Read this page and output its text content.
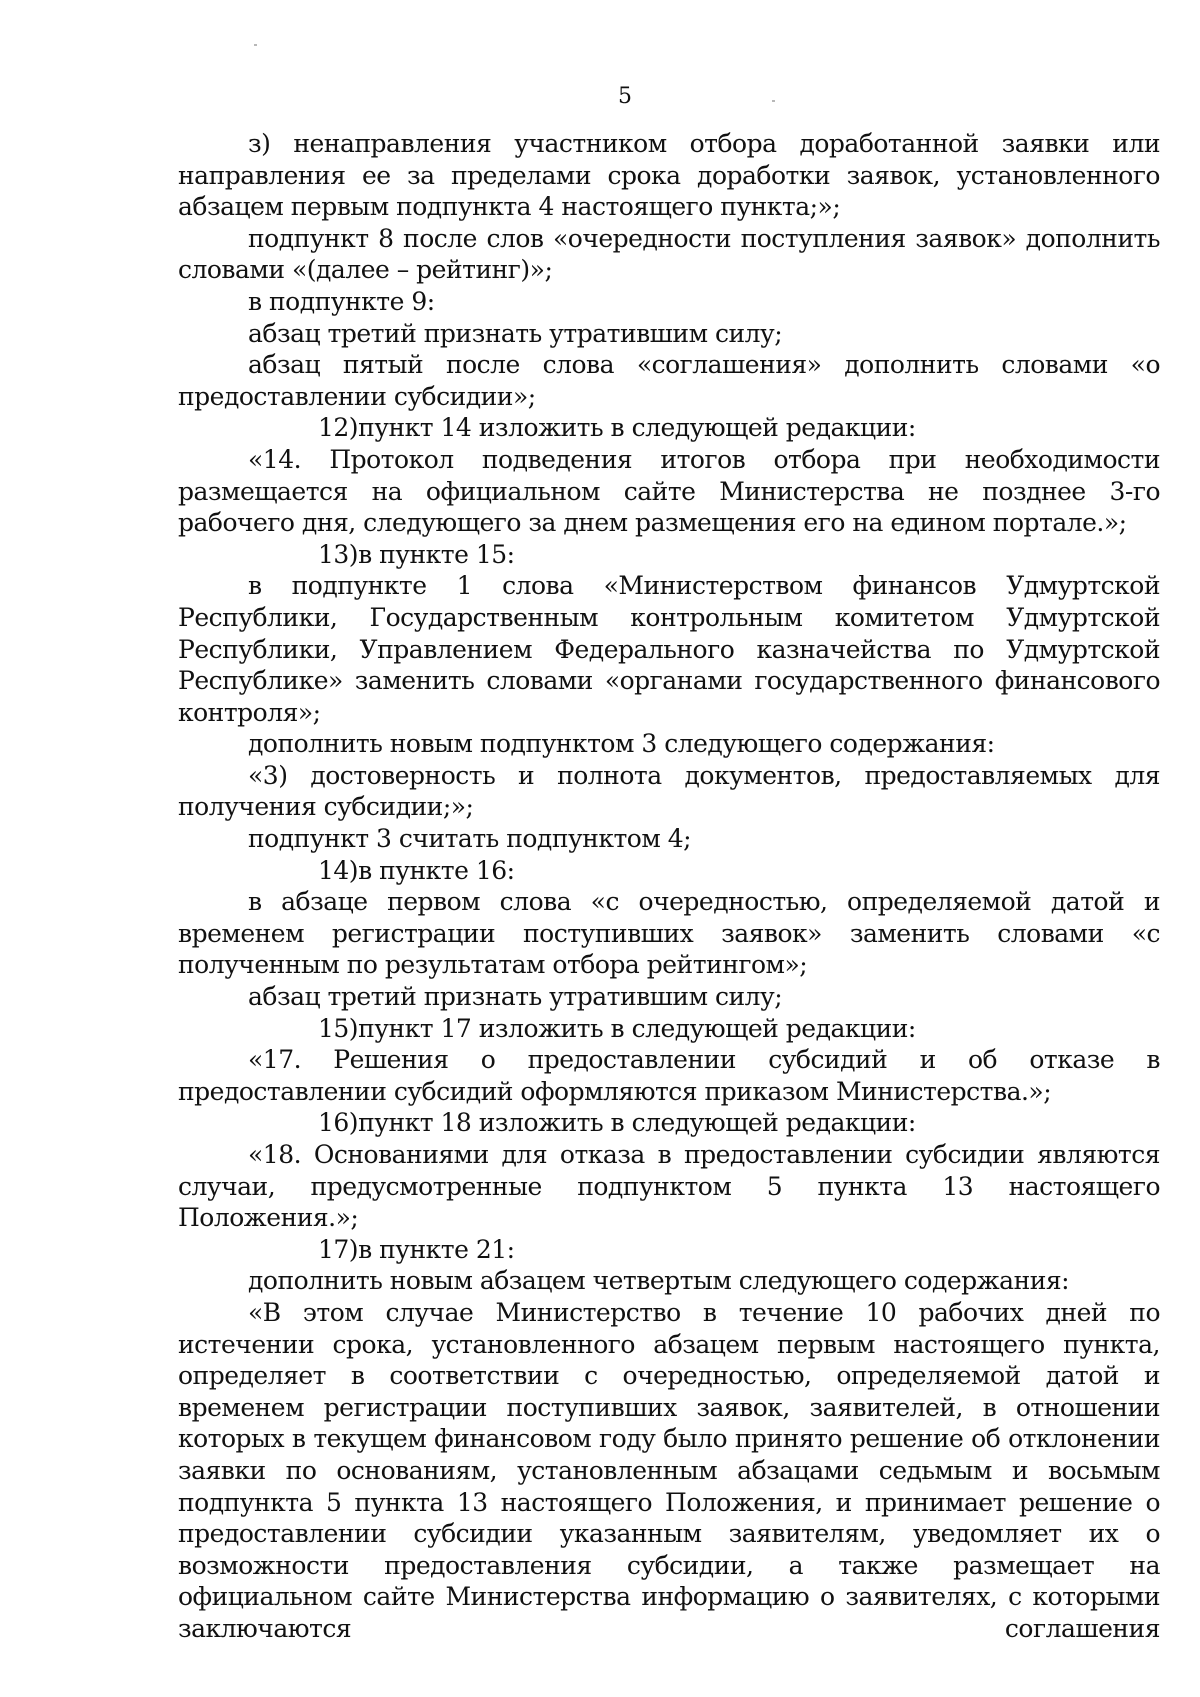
5

з) ненаправления участником отбора доработанной заявки или направления ее за пределами срока доработки заявок, установленного абзацем первым подпункта 4 настоящего пункта;»;

подпункт 8 после слов «очередности поступления заявок» дополнить словами «(далее – рейтинг)»;

в подпункте 9:

абзац третий признать утратившим силу;

абзац пятый после слова «соглашения» дополнить словами «о предоставлении субсидии»;

12)пункт 14 изложить в следующей редакции:

«14. Протокол подведения итогов отбора при необходимости размещается на официальном сайте Министерства не позднее 3-го рабочего дня, следующего за днем размещения его на едином портале.»;

13)в пункте 15:

в подпункте 1 слова «Министерством финансов Удмуртской Республики, Государственным контрольным комитетом Удмуртской Республики, Управлением Федерального казначейства по Удмуртской Республике» заменить словами «органами государственного финансового контроля»;

дополнить новым подпунктом 3 следующего содержания:

«3) достоверность и полнота документов, предоставляемых для получения субсидии;»;

подпункт 3 считать подпунктом 4;

14)в пункте 16:

в абзаце первом слова «с очередностью, определяемой датой и временем регистрации поступивших заявок» заменить словами «с полученным по результатам отбора рейтингом»;

абзац третий признать утратившим силу;

15)пункт 17 изложить в следующей редакции:

«17. Решения о предоставлении субсидий и об отказе в предоставлении субсидий оформляются приказом Министерства.»;

16)пункт 18 изложить в следующей редакции:

«18. Основаниями для отказа в предоставлении субсидии являются случаи, предусмотренные подпунктом 5 пункта 13 настоящего Положения.»;

17)в пункте 21:

дополнить новым абзацем четвертым следующего содержания:

«В этом случае Министерство в течение 10 рабочих дней по истечении срока, установленного абзацем первым настоящего пункта, определяет в соответствии с очередностью, определяемой датой и временем регистрации поступивших заявок, заявителей, в отношении которых в текущем финансовом году было принято решение об отклонении заявки по основаниям, установленным абзацами седьмым и восьмым подпункта 5 пункта 13 настоящего Положения, и принимает решение о предоставлении субсидии указанным заявителям, уведомляет их о возможности предоставления субсидии, а также размещает на официальном сайте Министерства информацию о заявителях, с которыми заключаются соглашения
